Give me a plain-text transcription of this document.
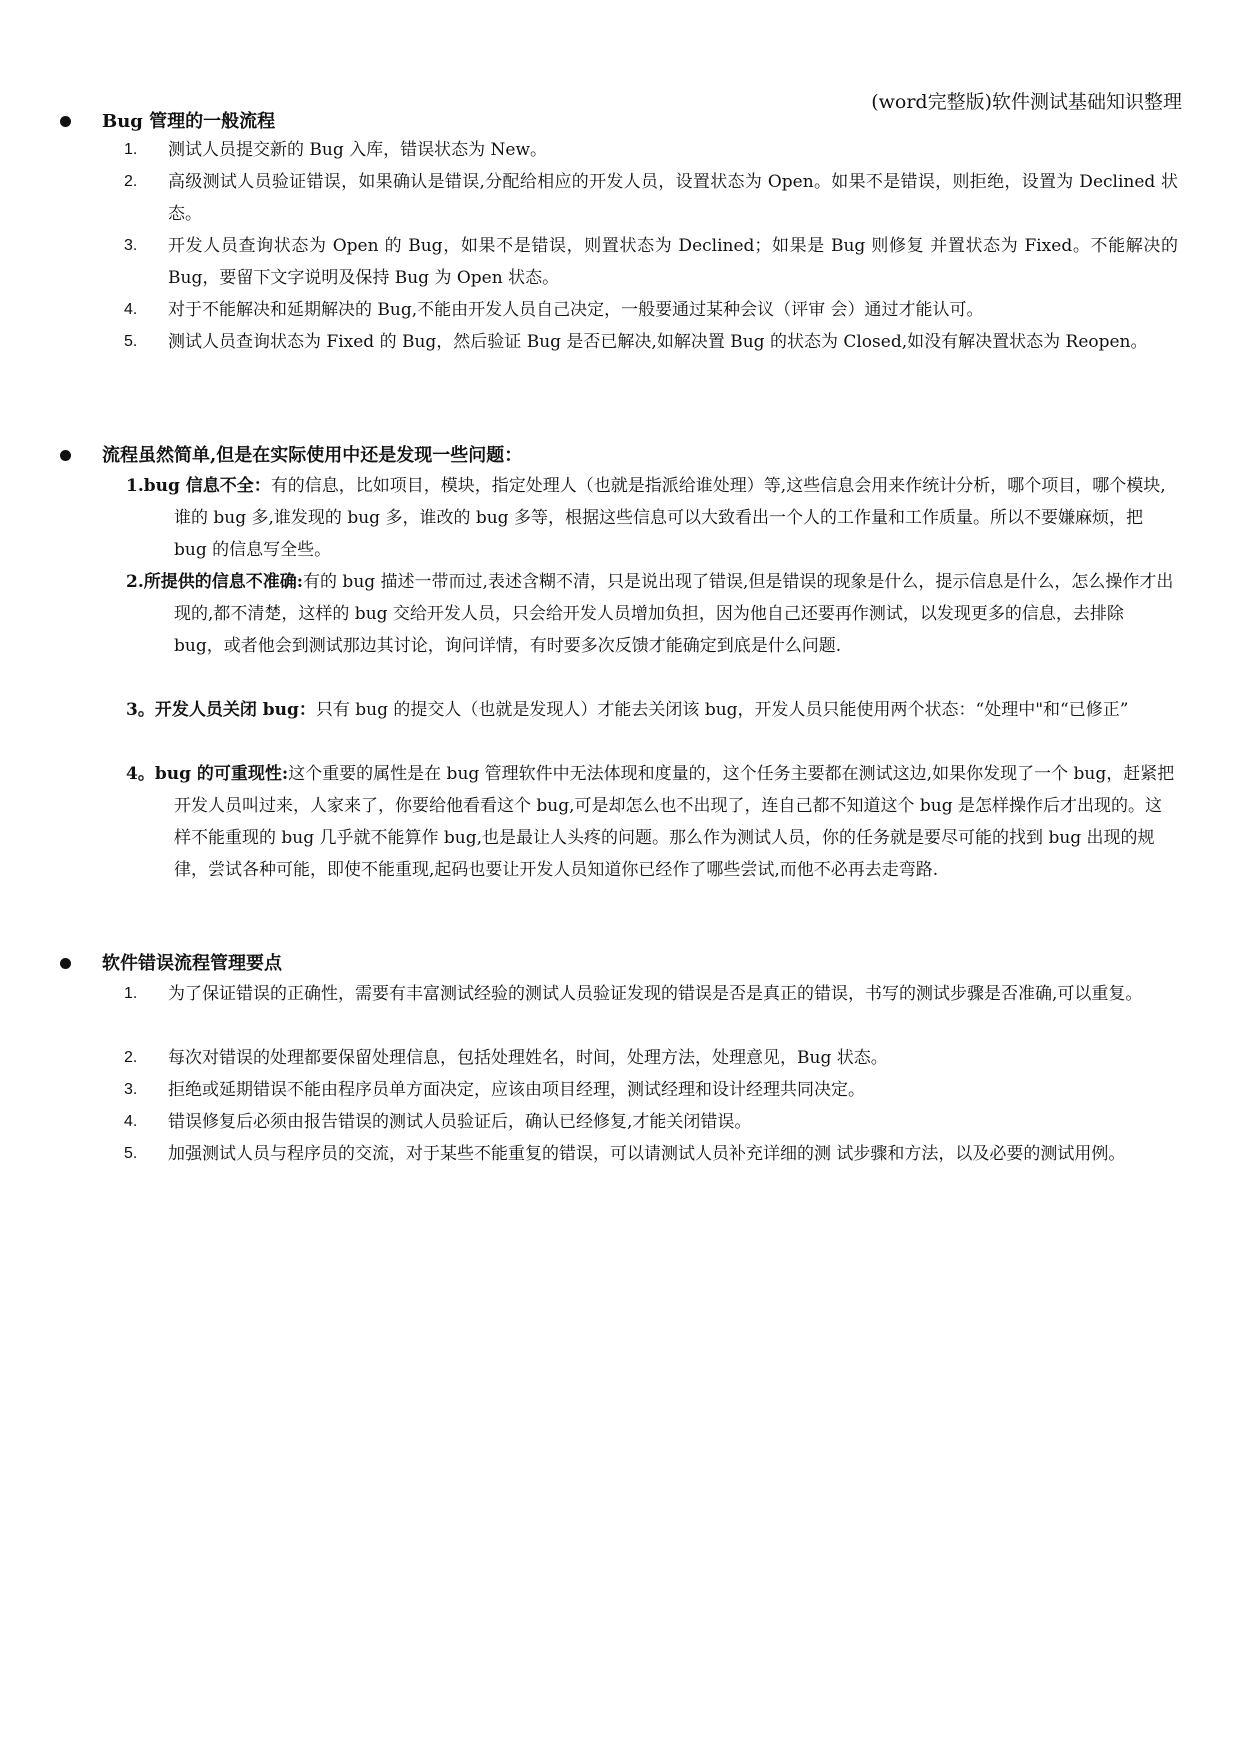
(word完整版)软件测试基础知识整理
Bug 管理的一般流程
1. 测试人员提交新的 Bug 入库，错误状态为 New。
2. 高级测试人员验证错误，如果确认是错误,分配给相应的开发人员，设置状态为 Open。如果不是错误，则拒绝，设置为 Declined 状态。
3. 开发人员查询状态为 Open 的 Bug，如果不是错误，则置状态为 Declined；如果是 Bug 则修复 并置状态为 Fixed。不能解决的 Bug，要留下文字说明及保持 Bug 为 Open 状态。
4. 对于不能解决和延期解决的 Bug,不能由开发人员自己决定，一般要通过某种会议（评审 会）通过才能认可。
5. 测试人员查询状态为 Fixed 的 Bug，然后验证 Bug 是否已解决,如解决置 Bug 的状态为 Closed,如没有解决置状态为 Reopen。
流程虽然简单,但是在实际使用中还是发现一些问题：
1.bug 信息不全：有的信息，比如项目，模块，指定处理人（也就是指派给谁处理）等,这些信息会用来作统计分析，哪个项目，哪个模块,谁的 bug 多,谁发现的 bug 多，谁改的 bug 多等，根据这些信息可以大致看出一个人的工作量和工作质量。所以不要嫌麻烦，把 bug 的信息写全些。
2.所提供的信息不准确:有的 bug 描述一带而过,表述含糊不清，只是说出现了错误,但是错误的现象是什么，提示信息是什么，怎么操作才出现的,都不清楚，这样的 bug 交给开发人员，只会给开发人员增加负担，因为他自己还要再作测试，以发现更多的信息，去排除 bug，或者他会到测试那边其讨论，询问详情，有时要多次反馈才能确定到底是什么问题.
3。开发人员关闭 bug：只有 bug 的提交人（也就是发现人）才能去关闭该 bug，开发人员只能使用两个状态：“处理中"和“已修正”
4。bug 的可重现性:这个重要的属性是在 bug 管理软件中无法体现和度量的，这个任务主要都在测试这边,如果你发现了一个 bug，赶紧把开发人员叫过来，人家来了，你要给他看看这个 bug,可是却怎么也不出现了，连自己都不知道这个 bug 是怎样操作后才出现的。这样不能重现的 bug 几乎就不能算作 bug,也是最让人头疼的问题。那么作为测试人员，你的任务就是要尽可能的找到 bug 出现的规律，尝试各种可能，即使不能重现,起码也要让开发人员知道你已经作了哪些尝试,而他不必再去走弯路.
软件错误流程管理要点
1. 为了保证错误的正确性，需要有丰富测试经验的测试人员验证发现的错误是否是真正的错误，书写的测试步骤是否准确,可以重复。
2. 每次对错误的处理都要保留处理信息，包括处理姓名，时间，处理方法，处理意见，Bug 状态。
3. 拒绝或延期错误不能由程序员单方面决定，应该由项目经理，测试经理和设计经理共同决定。
4. 错误修复后必须由报告错误的测试人员验证后，确认已经修复,才能关闭错误。
5. 加强测试人员与程序员的交流，对于某些不能重复的错误，可以请测试人员补充详细的测 试步骤和方法，以及必要的测试用例。
